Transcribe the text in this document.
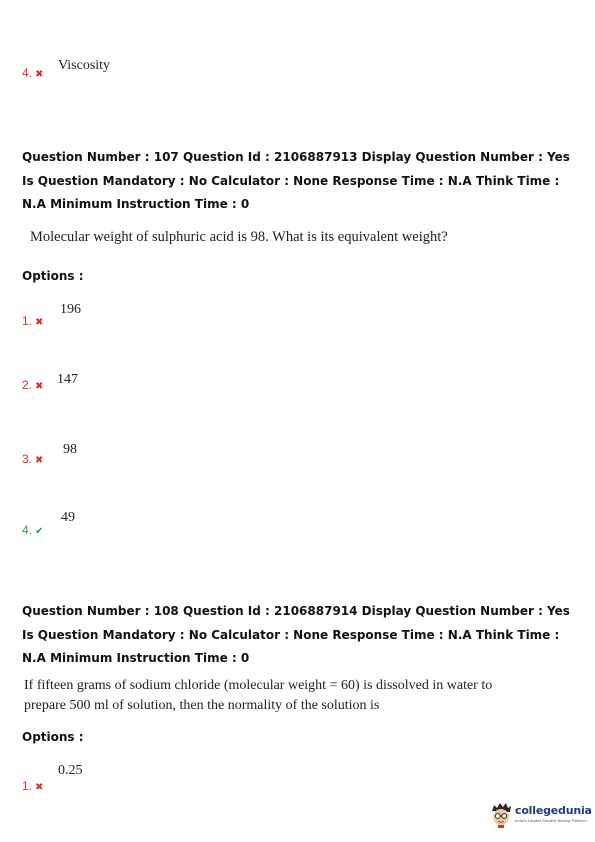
4. ✖
Viscosity
Question Number : 107 Question Id : 2106887913 Display Question Number : Yes Is Question Mandatory : No Calculator : None Response Time : N.A Think Time : N.A Minimum Instruction Time : 0
Molecular weight of sulphuric acid is 98. What is its equivalent weight?
Options :
1. ✖
196
2. ✖ 147
3. ✖
98
4. ✔
49
Question Number : 108 Question Id : 2106887914 Display Question Number : Yes Is Question Mandatory : No Calculator : None Response Time : N.A Think Time : N.A Minimum Instruction Time : 0
If fifteen grams of sodium chloride (molecular weight = 60) is dissolved in water to
prepare 500 ml of solution, then the normality of the solution is
Options :
1. ✖
0.25
collegedunia
India's Largest Student Review Platform
